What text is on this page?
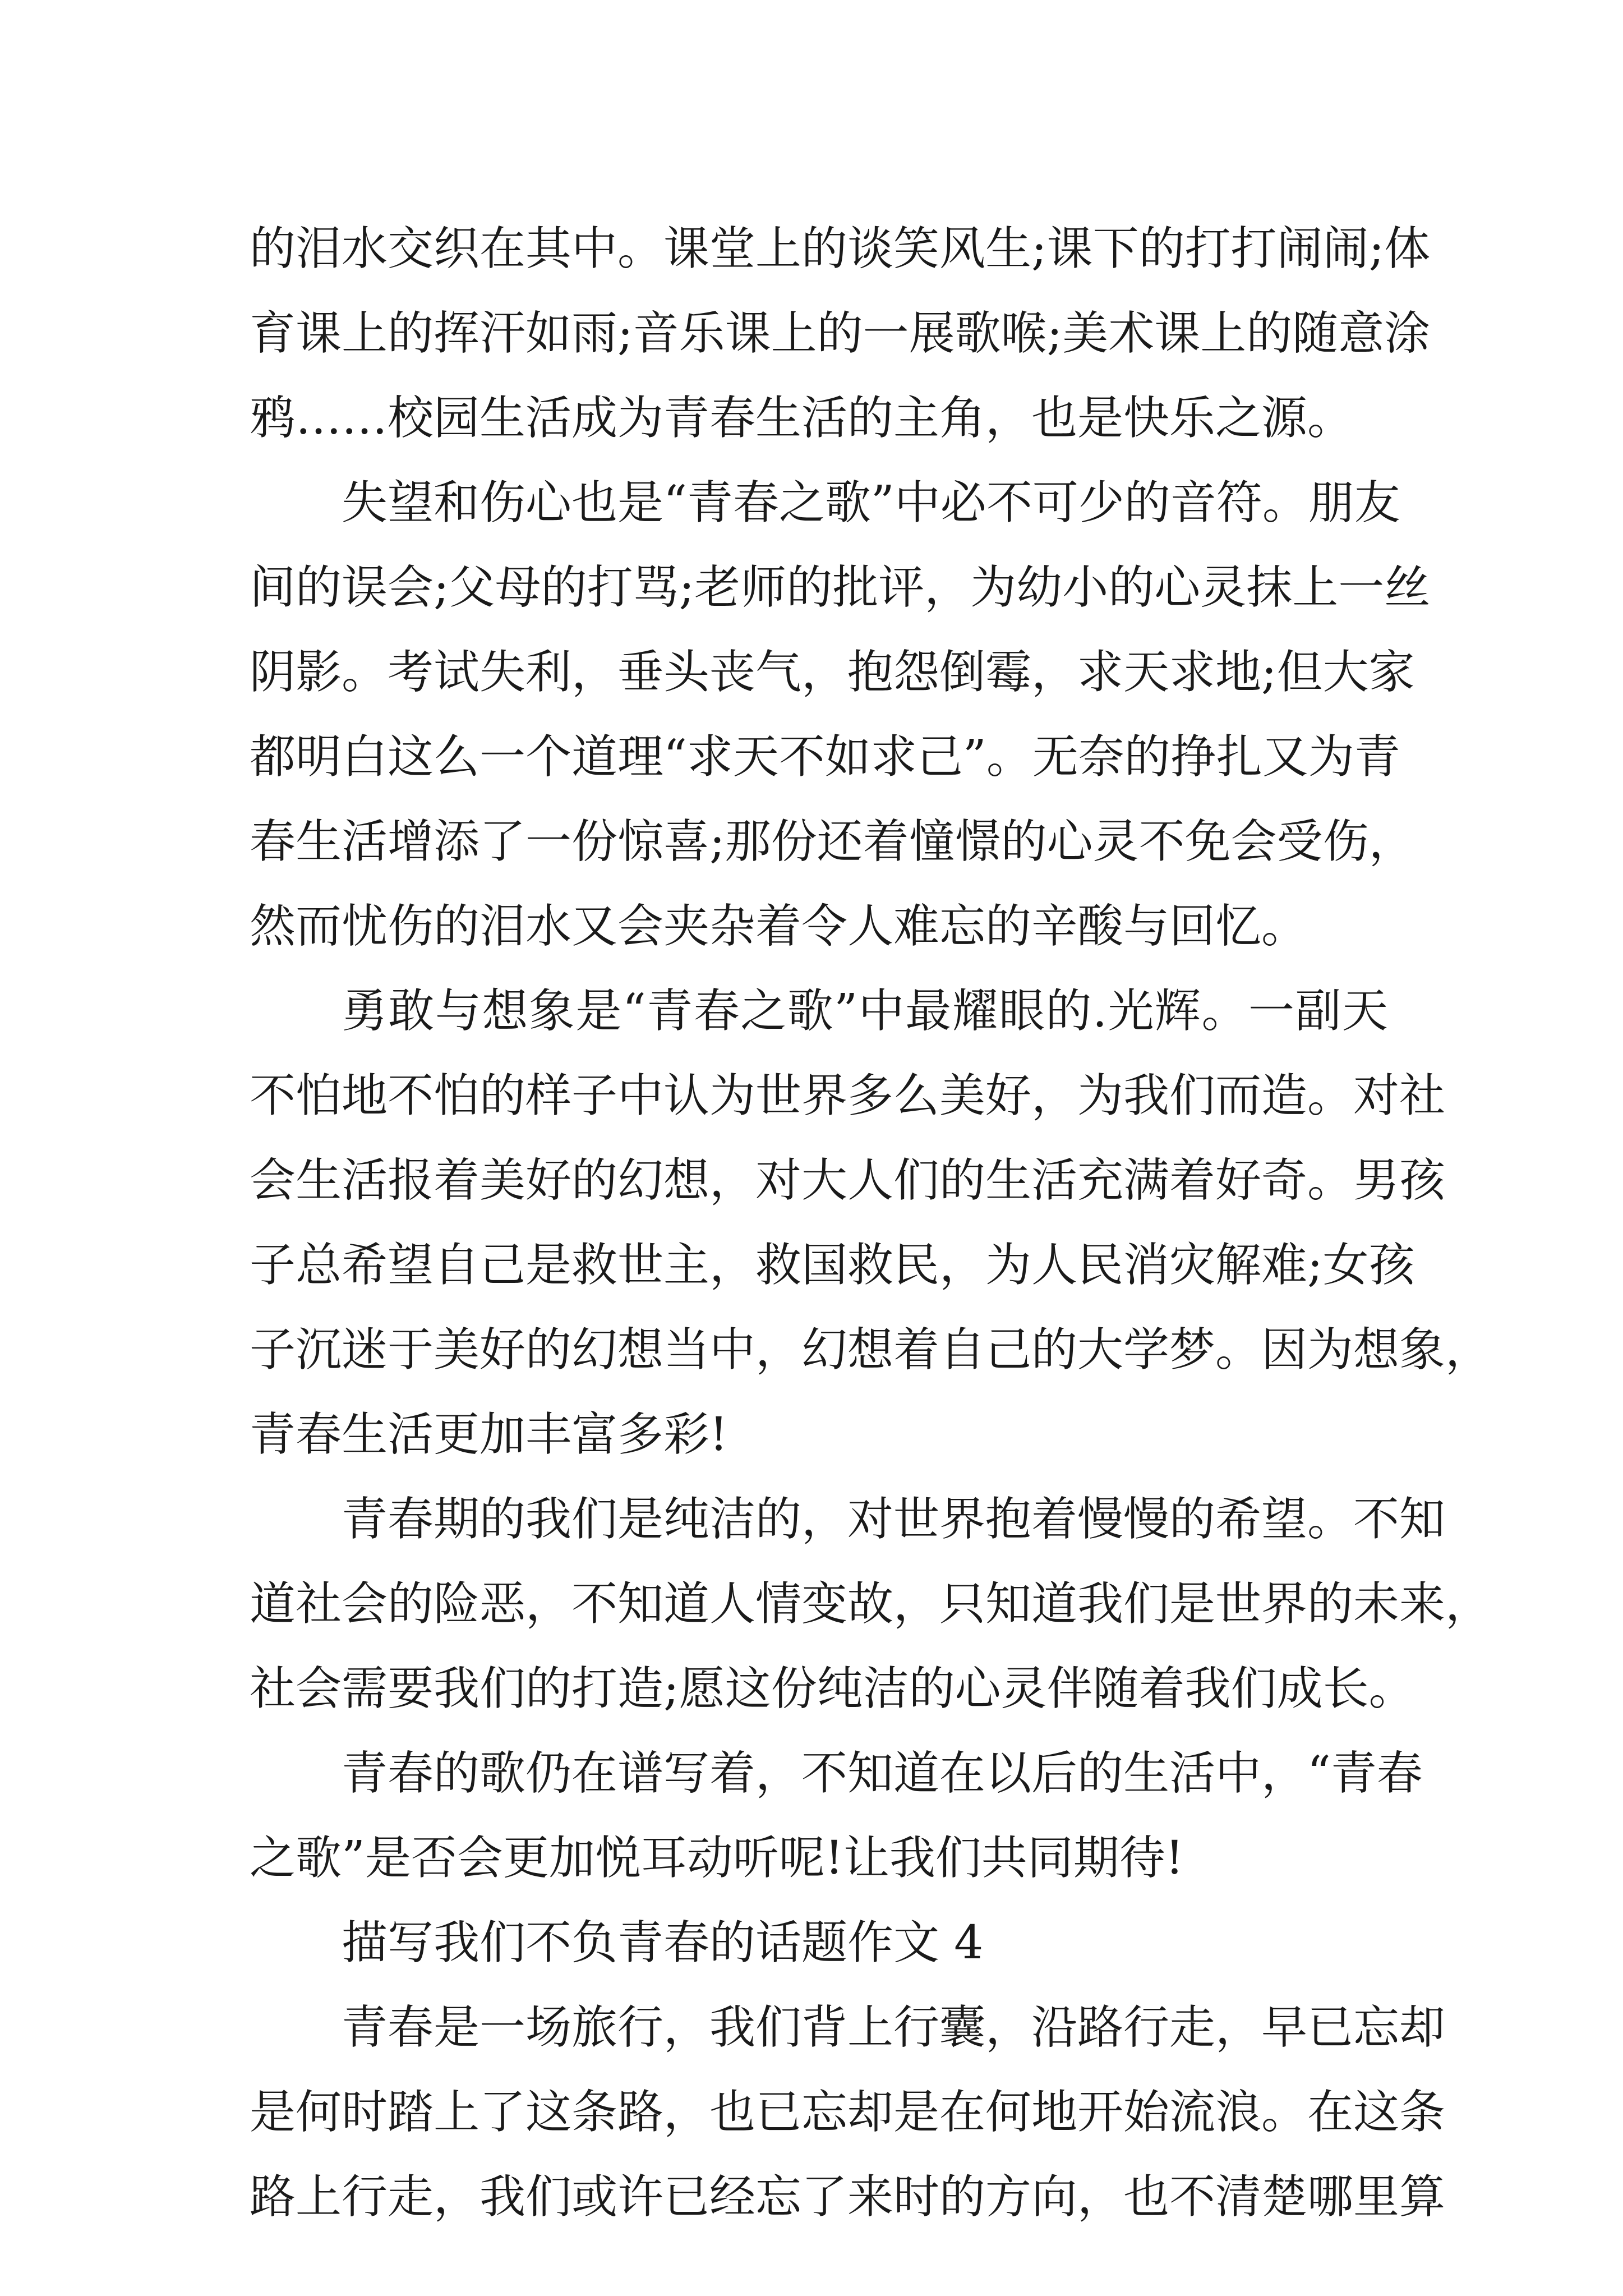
的泪水交织在其中。课堂上的谈笑风生;课下的打打闹闹;体
育课上的挥汗如雨;音乐课上的一展歌喉;美术课上的随意涂
鸦……校园生活成为青春生活的主角，也是快乐之源。
失望和伤心也是“青春之歌”中必不可少的音符。朋友
间的误会;父母的打骂;老师的批评，为幼小的心灵抹上一丝
阴影。考试失利，垂头丧气，抱怨倒霉，求天求地;但大家
都明白这么一个道理“求天不如求己”。无奈的挣扎又为青
春生活增添了一份惊喜;那份还着憧憬的心灵不免会受伤，
然而忧伤的泪水又会夹杂着令人难忘的辛酸与回忆。
勇敢与想象是“青春之歌”中最耀眼的.光辉。一副天
不怕地不怕的样子中认为世界多么美好，为我们而造。对社
会生活报着美好的幻想，对大人们的生活充满着好奇。男孩
子总希望自己是救世主，救国救民，为人民消灾解难;女孩
子沉迷于美好的幻想当中，幻想着自己的大学梦。因为想象，
青春生活更加丰富多彩!
青春期的我们是纯洁的，对世界抱着慢慢的希望。不知
道社会的险恶，不知道人情变故，只知道我们是世界的未来，
社会需要我们的打造;愿这份纯洁的心灵伴随着我们成长。
青春的歌仍在谱写着，不知道在以后的生活中，“青春
之歌”是否会更加悦耳动听呢!让我们共同期待!
描写我们不负青春的话题作文 4
青春是一场旅行，我们背上行囊，沿路行走，早已忘却
是何时踏上了这条路，也已忘却是在何地开始流浪。在这条
路上行走，我们或许已经忘了来时的方向，也不清楚哪里算
